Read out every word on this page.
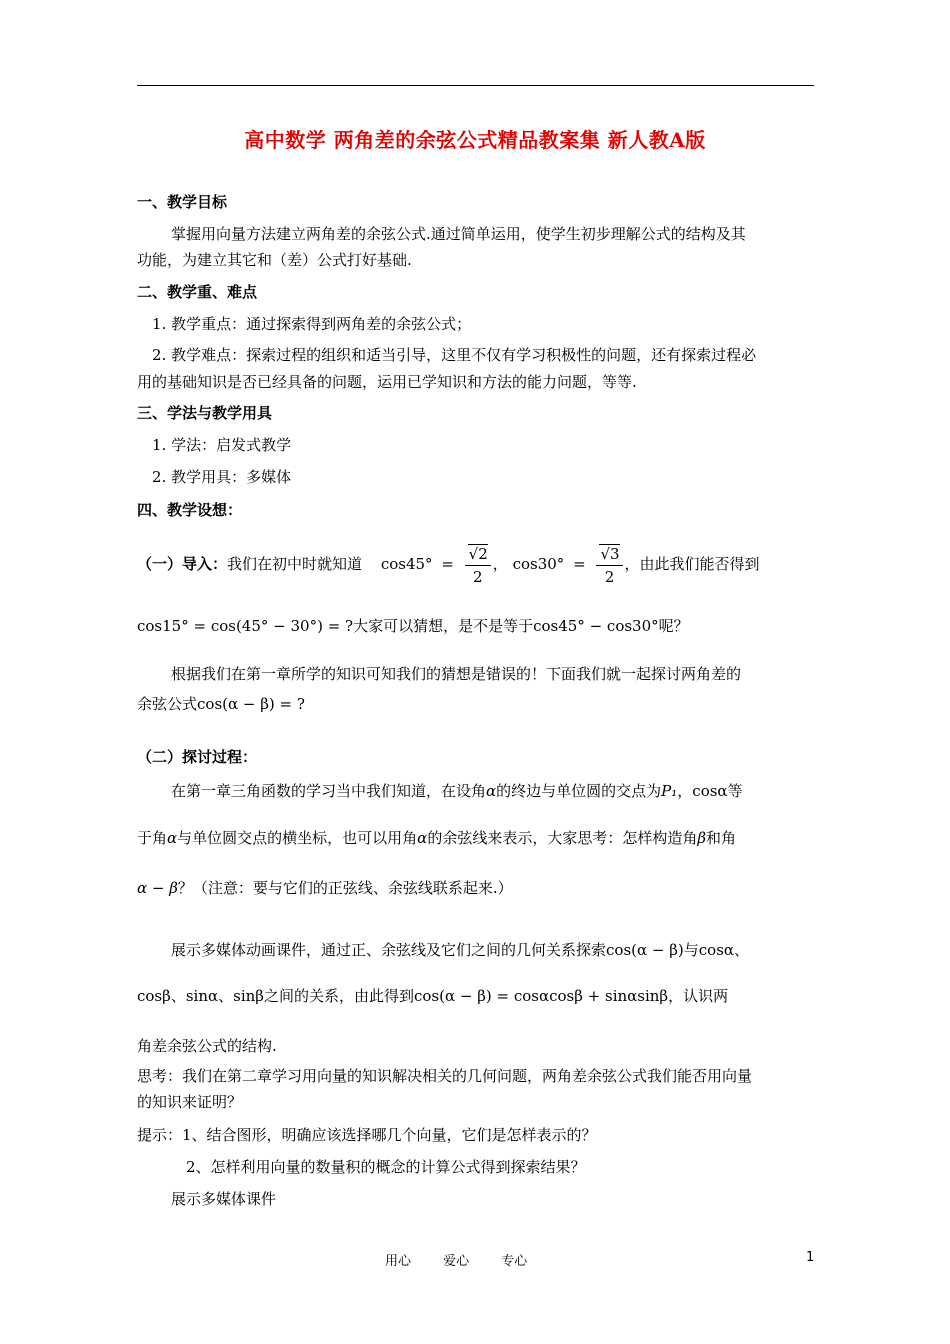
高中数学 两角差的余弦公式精品教案集 新人教A版
一、教学目标
掌握用向量方法建立两角差的余弦公式.通过简单运用，使学生初步理解公式的结构及其
功能，为建立其它和（差）公式打好基础.
二、教学重、难点
1. 教学重点：通过探索得到两角差的余弦公式；
2. 教学难点：探索过程的组织和适当引导，这里不仅有学习积极性的问题，还有探索过程必
用的基础知识是否已经具备的问题，运用已学知识和方法的能力问题，等等.
三、学法与教学用具
1. 学法：启发式教学
2. 教学用具：多媒体
四、教学设想：
（一）导入：我们在初中时就知道 $\cos 45^\circ = \frac{√2}{2}$ ， $\cos 30^\circ = \frac{√3}{2}$ ，由此我们能否得到
cos15° = cos(45° − 30°) = ?大家可以猜想，是不是等于cos45° − cos30°呢？
根据我们在第一章所学的知识可知我们的猜想是错误的！下面我们就一起探讨两角差的
余弦公式cos(α − β) = ?
（二）探讨过程：
在第一章三角函数的学习当中我们知道，在设角α的终边与单位圆的交点为P₁，cosα等
于角α与单位圆交点的横坐标，也可以用角α的余弦线来表示，大家思考：怎样构造角β和角
α − β？（注意：要与它们的正弦线、余弦线联系起来.）
展示多媒体动画课件，通过正、余弦线及它们之间的几何关系探索cos(α − β)与cosα、
cosβ、sinα、sinβ之间的关系，由此得到cos(α − β) = cosαcosβ + sinαsinβ，认识两
角差余弦公式的结构.
思考：我们在第二章学习用向量的知识解决相关的几何问题，两角差余弦公式我们能否用向量
的知识来证明？
提示：1、结合图形，明确应该选择哪几个向量，它们是怎样表示的？
2、怎样利用向量的数量积的概念的计算公式得到探索结果？
展示多媒体课件
用心 爱心 专心	1
